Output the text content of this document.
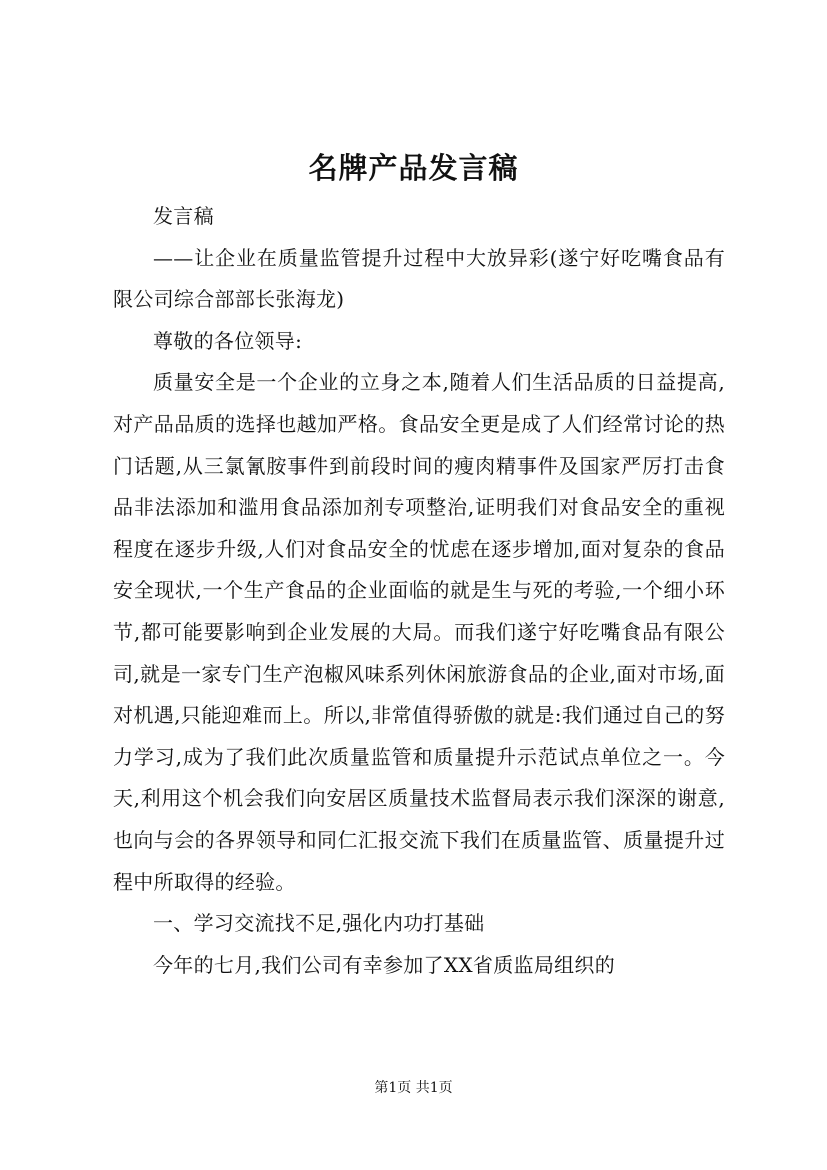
名牌产品发言稿

发言稿

——让企业在质量监管提升过程中大放异彩(遂宁好吃嘴食品有限公司综合部部长张海龙)

尊敬的各位领导:

质量安全是一个企业的立身之本,随着人们生活品质的日益提高,对产品品质的选择也越加严格。食品安全更是成了人们经常讨论的热门话题,从三氯氰胺事件到前段时间的瘦肉精事件及国家严厉打击食品非法添加和滥用食品添加剂专项整治,证明我们对食品安全的重视程度在逐步升级,人们对食品安全的忧虑在逐步增加,面对复杂的食品安全现状,一个生产食品的企业面临的就是生与死的考验,一个细小环节,都可能要影响到企业发展的大局。而我们遂宁好吃嘴食品有限公司,就是一家专门生产泡椒风味系列休闲旅游食品的企业,面对市场,面对机遇,只能迎难而上。所以,非常值得骄傲的就是:我们通过自己的努力学习,成为了我们此次质量监管和质量提升示范试点单位之一。今天,利用这个机会我们向安居区质量技术监督局表示我们深深的谢意,也向与会的各界领导和同仁汇报交流下我们在质量监管、质量提升过程中所取得的经验。

一、学习交流找不足,强化内功打基础

今年的七月,我们公司有幸参加了XX省质监局组织的

第1页 共1页
